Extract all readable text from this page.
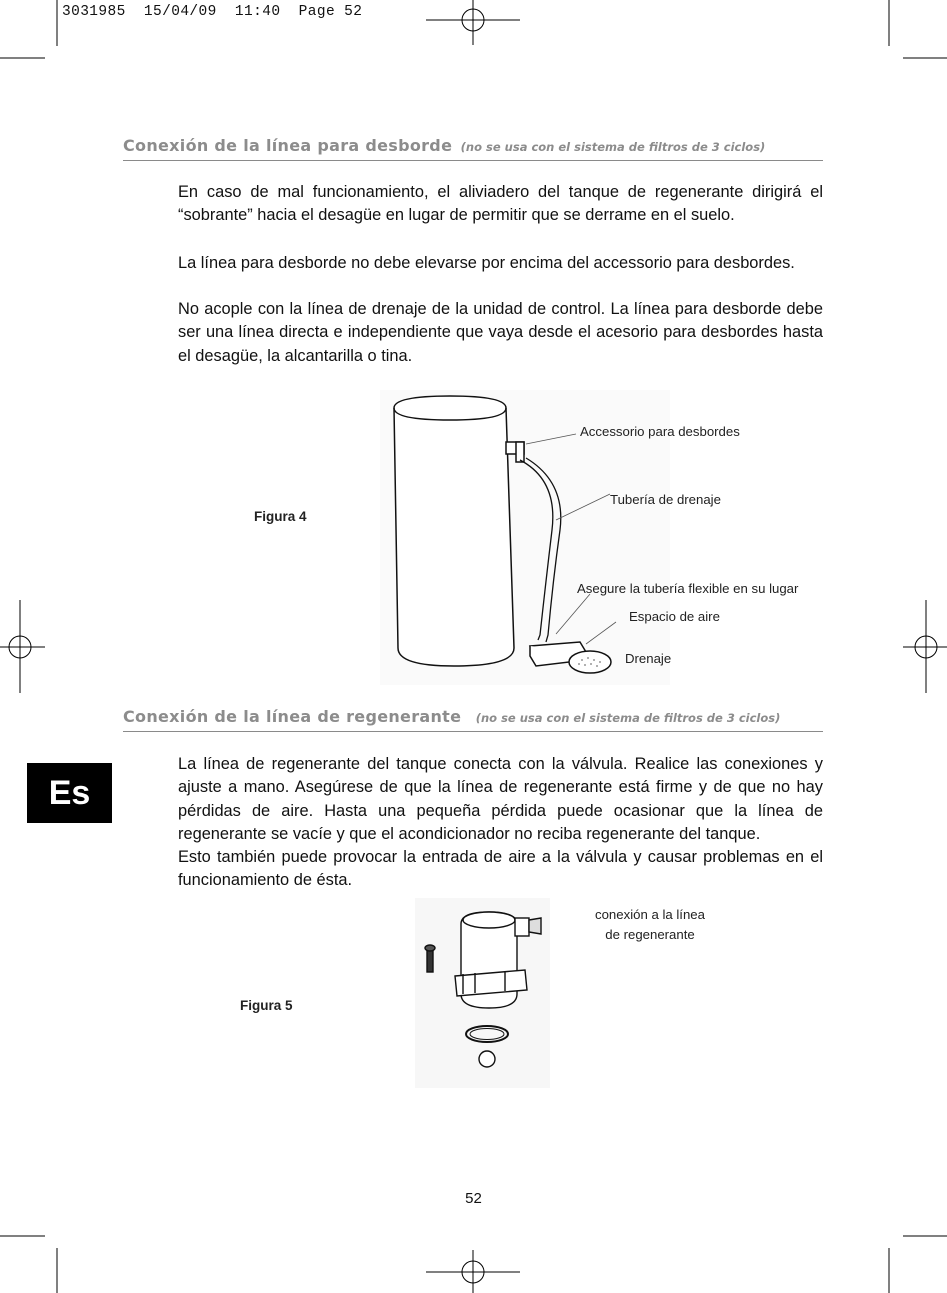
3031985  15/04/09  11:40  Page 52
Conexión de la línea para desborde (no se usa con el sistema de filtros de 3 ciclos)
En caso de mal funcionamiento, el aliviadero del tanque de regenerante dirigirá el “sobrante” hacia el desagüe en lugar de permitir que se derrame en el suelo.
La línea para desborde no debe elevarse por encima del accessorio para desbordes.
No acople con la línea de drenaje de la unidad de control. La línea para desborde debe ser una línea directa e independiente que vaya desde el acesorio para desbordes hasta el desagüe, la alcantarilla o tina.
Figura 4
Accessorio para desbordes
Tubería de drenaje
Asegure la tubería flexible en su lugar
Espacio de aire
Drenaje
Conexión de la línea de regenerante (no se usa con el sistema de filtros de 3 ciclos)
Es
La línea de regenerante del tanque conecta con la válvula. Realice las conexiones y ajuste a mano. Asegúrese de que la línea de regenerante está firme y de que no hay pérdidas de aire. Hasta una pequeña pérdida puede ocasionar que la línea de regenerante se vacíe y que el acondicionador no reciba regenerante del tanque.
Esto también puede provocar la entrada de aire a la válvula y causar problemas en el funcionamiento de ésta.
Figura 5
conexión a la línea
de regenerante
52
